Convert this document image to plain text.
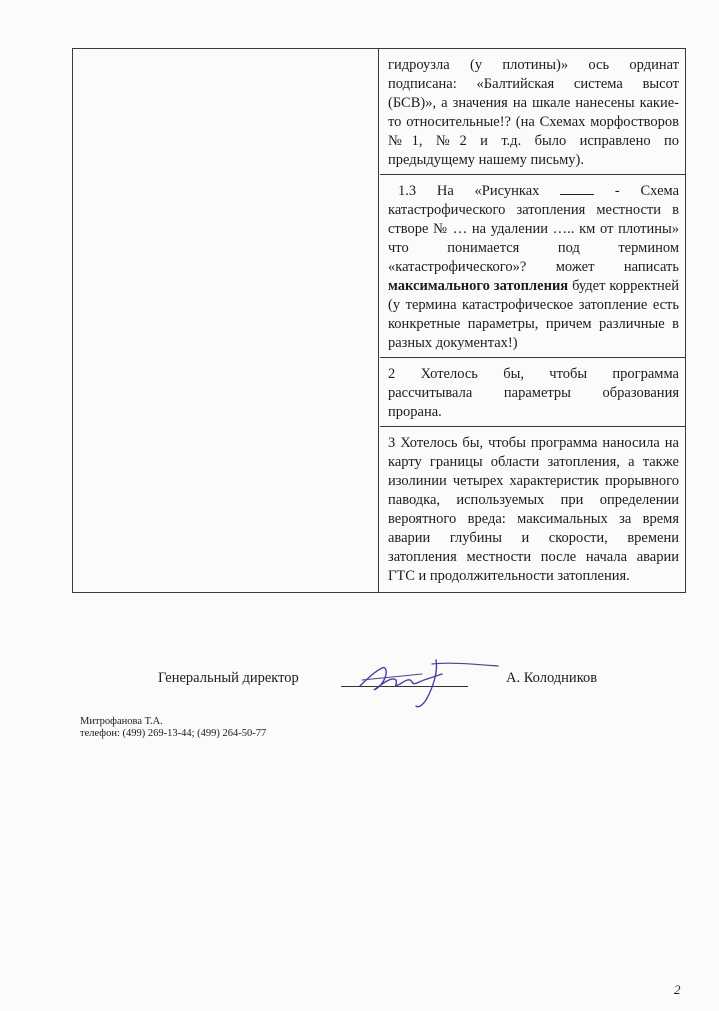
гидроузла (у плотины)» ось ординат подписана: «Балтийская система высот (БСВ)», а значения на шкале нанесены какие-то относительные!? (на Схемах морфостворов №1, №2 и т.д. было исправлено по предыдущему нашему письму).

1.3 На «Рисунках	- Схема катастрофического затопления местности в створе № … на удалении ….. км от плотины» что понимается под термином «катастрофического»? может написать максимального затопления будет корректней (у термина катастрофическое затопление есть конкретные параметры, причем различные в разных документах!)

2 Хотелось бы, чтобы программа рассчитывала параметры образования прорана.

3 Хотелось бы, чтобы программа наносила на карту границы области затопления, а также изолинии четырех характеристик прорывного паводка, используемых при определении вероятного вреда: максимальных за время аварии глубины и скорости, времени затопления местности после начала аварии ГТС и продолжительности затопления.

Генеральный директор	А. Колодников
Митрофанова Т.А.
телефон: (499) 269-13-44; (499) 264-50-77
2
